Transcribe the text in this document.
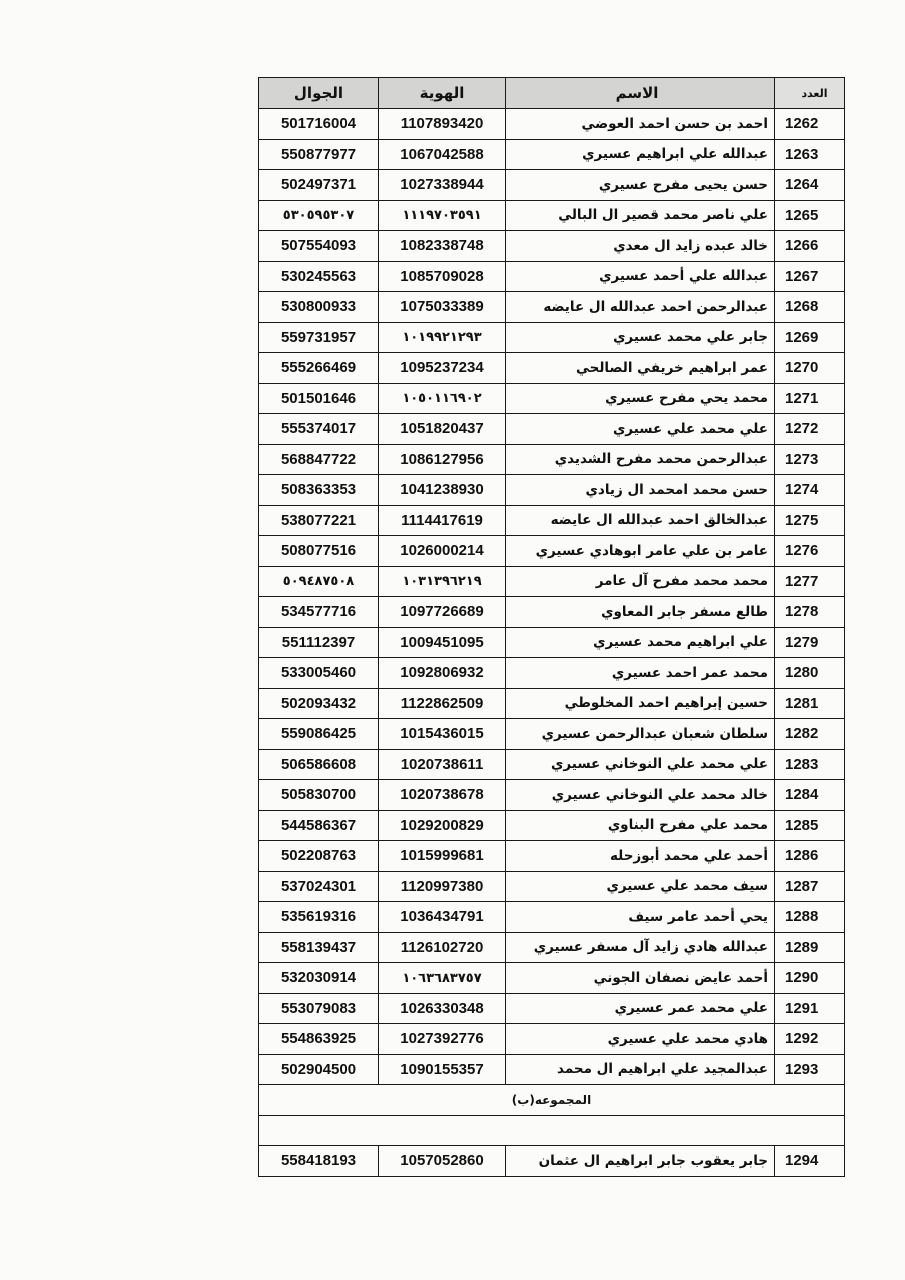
الجوال	الهوية	الاسم	العدد
501716004	1107893420	احمد بن حسن احمد العوضي	1262
550877977	1067042588	عبدالله علي ابراهيم عسيري	1263
502497371	1027338944	حسن يحيى مفرح عسيري	1264
٥٣٠٥٩٥٣٠٧	١١١٩٧٠٣٥٩١	علي ناصر محمد قصير ال البالي	1265
507554093	1082338748	خالد عبده زايد ال معدي	1266
530245563	1085709028	عبدالله علي أحمد عسيري	1267
530800933	1075033389	عبدالرحمن احمد عبدالله ال عايضه	1268
559731957	١٠١٩٩٢١٢٩٣	جابر علي محمد عسيري	1269
555266469	1095237234	عمر ابراهيم خريفي الصالحي	1270
501501646	١٠٥٠١١٦٩٠٢	محمد يحي مفرح عسيري	1271
555374017	1051820437	علي محمد علي عسيري	1272
568847722	1086127956	عبدالرحمن محمد مفرح الشديدي	1273
508363353	1041238930	حسن محمد امحمد ال زيادي	1274
538077221	1114417619	عبدالخالق احمد عبدالله ال عايضه	1275
508077516	1026000214	عامر بن علي عامر ابوهادي عسيري	1276
٥٠٩٤٨٧٥٠٨	١٠٣١٣٩٦٢١٩	محمد محمد مفرح آل عامر	1277
534577716	1097726689	طالع مسفر جابر المعاوي	1278
551112397	1009451095	علي ابراهيم محمد عسيري	1279
533005460	1092806932	محمد عمر احمد عسيري	1280
502093432	1122862509	حسين إبراهيم احمد المخلوطي	1281
559086425	1015436015	سلطان شعبان عبدالرحمن عسيري	1282
506586608	1020738611	علي محمد علي النوخاني عسيري	1283
505830700	1020738678	خالد محمد علي النوخاني عسيري	1284
544586367	1029200829	محمد علي مفرح البناوي	1285
502208763	1015999681	أحمد علي محمد أبوزحله	1286
537024301	1120997380	سيف محمد علي عسيري	1287
535619316	1036434791	يحي أحمد عامر سيف	1288
558139437	1126102720	عبدالله هادي زايد آل مسفر عسيري	1289
532030914	١٠٦٣٦٨٣٧٥٧	أحمد عايض نصفان الجوني	1290
553079083	1026330348	علي محمد عمر عسيري	1291
554863925	1027392776	هادي محمد علي عسيري	1292
502904500	1090155357	عبدالمجيد علي ابراهيم ال محمد	1293
المجموعه(ب)			

558418193	1057052860	جابر يعقوب جابر ابراهيم ال عثمان	1294
